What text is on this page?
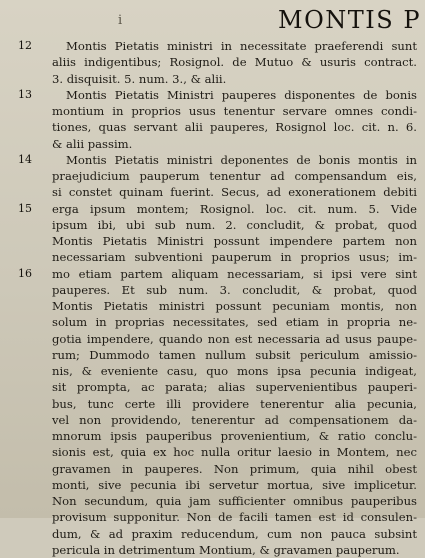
i	MONTIS P
12	Montis Pietatis ministri in necessitate praeferendi sunt
aliis indigentibus; Rosignol. de Mutuo & usuris contract.
3. disquisit. 5. num. 3., & alii.
13	Montis Pietatis Ministri pauperes disponentes de bonis
montium in proprios usus tenentur servare omnes condi-
tiones, quas servant alii pauperes, Rosignol loc. cit. n. 6.
& alii passim.
14	Montis Pietatis ministri deponentes de bonis montis in
praejudicium pauperum tenentur ad compensandum eis,
si constet quinam fuerint. Secus, ad exonerationem debiti
15	erga ipsum montem; Rosignol. loc. cit. num. 5. Vide
ipsum ibi, ubi sub num. 2. concludit, & probat, quod
Montis Pietatis Ministri possunt impendere partem non
necessariam subventioni pauperum in proprios usus; im-
16	mo etiam partem aliquam necessariam, si ipsi vere sint
pauperes. Et sub num. 3. concludit, & probat, quod
Montis Pietatis ministri possunt pecuniam montis, non
solum in proprias necessitates, sed etiam in propria ne-
gotia impendere, quando non est necessaria ad usus paupe-
rum; Dummodo tamen nullum subsit periculum amissio-
nis, & eveniente casu, quo mons ipsa pecunia indigeat,
sit prompta, ac parata; alias supervenientibus pauperi-
bus, tunc certe illi providere tenerentur alia pecunia,
vel non providendo, tenerentur ad compensationem da-
mnorum ipsis pauperibus provenientium, & ratio conclu-
sionis est, quia ex hoc nulla oritur laesio in Montem, nec
gravamen in pauperes. Non primum, quia nihil obest
monti, sive pecunia ibi servetur mortua, sive implicetur.
Non secundum, quia jam sufficienter omnibus pauperibus
provisum supponitur. Non de facili tamen est id consulen-
dum, & ad praxim reducendum, cum non pauca subsint
pericula in detrimentum Montium, & gravamen pauperum.
